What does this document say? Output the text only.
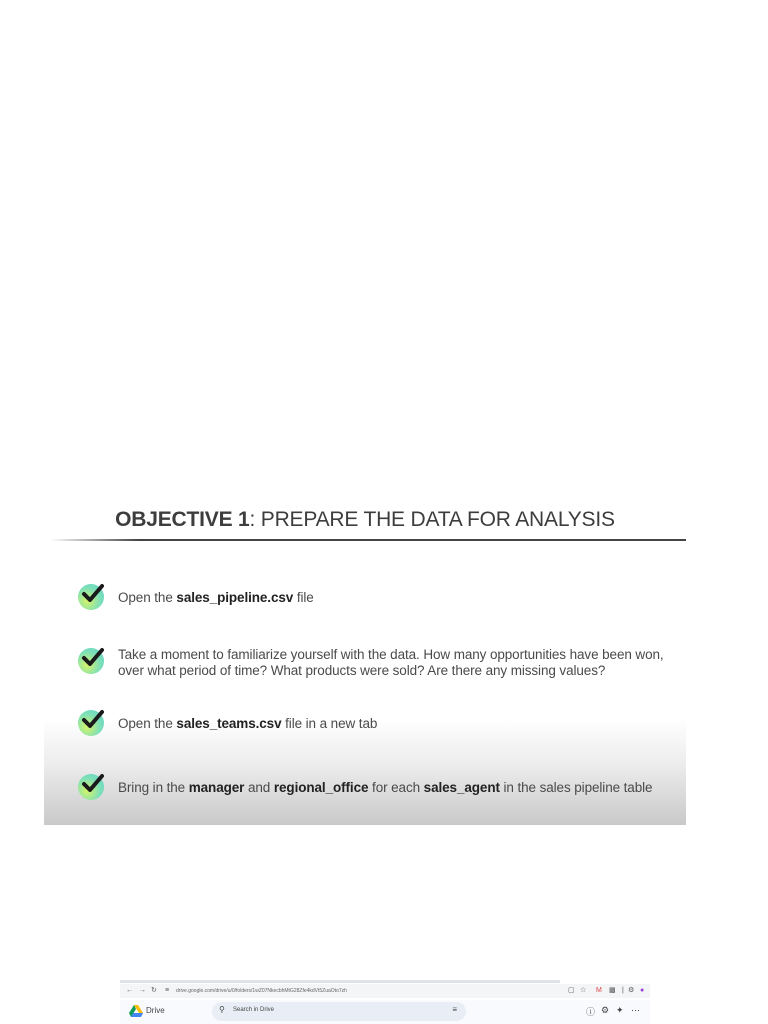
OBJECTIVE 1: PREPARE THE DATA FOR ANALYSIS
Open the sales_pipeline.csv file
Take a moment to familiarize yourself with the data. How many opportunities have been won, over what period of time? What products were sold? Are there any missing values?
Open the sales_teams.csv file in a new tab
Bring in the manager and regional_office for each sales_agent in the sales pipeline table
← → ↻ ≡ drive.google.com/drive/u/0/folders/1wZ07NkecbhMtG28Zfe4kdVt5ZuaOto7zh	▢ ☆ M ▩ | ⚙ ●
Drive	⚲ Search in Drive	≡	ⓘ ⚙ ✦ ⋯
